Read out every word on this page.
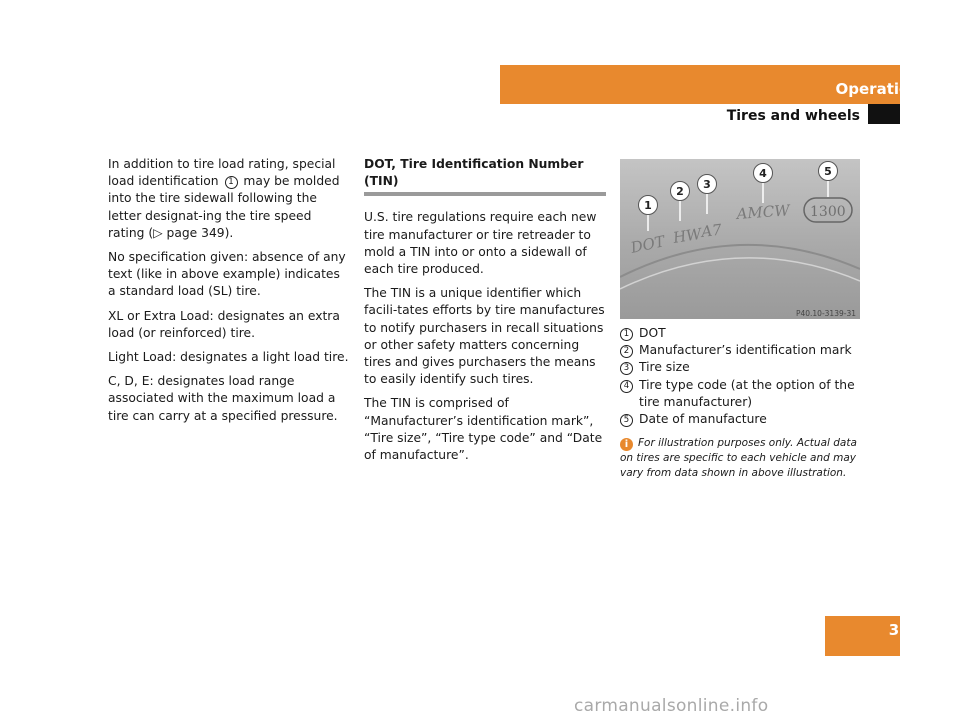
Operation
Tires and wheels

In addition to tire load rating, special load identification 1 may be molded into the tire sidewall following the letter designat-ing the tire speed rating (▷ page 349).

No specification given: absence of any text (like in above example) indicates a standard load (SL) tire.

XL or Extra Load: designates an extra load (or reinforced) tire.

Light Load: designates a light load tire.

C, D, E: designates load range associated with the maximum load a tire can carry at a specified pressure.

DOT, Tire Identification Number (TIN)

U.S. tire regulations require each new tire manufacturer or tire retreader to mold a TIN into or onto a sidewall of each tire produced.

The TIN is a unique identifier which facili-tates efforts by tire manufactures to notify purchasers in recall situations or other safety matters concerning tires and gives purchasers the means to easily identify such tires.

The TIN is comprised of “Manufacturer’s identification mark”, “Tire size”, “Tire type code” and “Date of manufacture”.

DOT HW
A7
AMCW 1300
1
2
3
4	5
P40.10-3139-31
1 DOT
2 Manufacturer’s identification mark
3 Tire size
4 Tire type code (at the option of the tire manufacturer)
5 Date of manufacture
i For illustration purposes only. Actual data on tires are specific to each vehicle and may vary from data shown in above illustration.
353
carmanualsonline.info
